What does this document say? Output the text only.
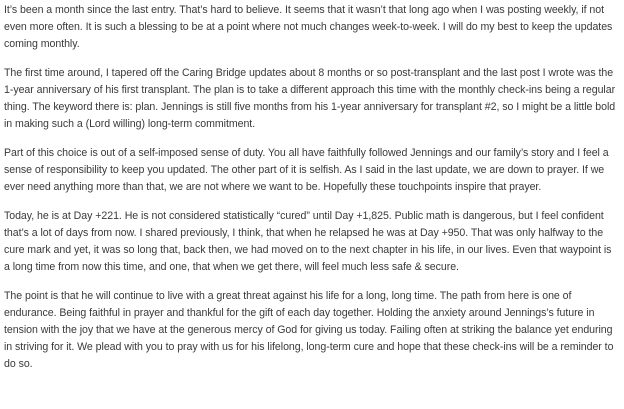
It’s been a month since the last entry. That’s hard to believe. It seems that it wasn’t that long ago when I was posting weekly, if not even more often. It is such a blessing to be at a point where not much changes week-to-week. I will do my best to keep the updates coming monthly.

The first time around, I tapered off the Caring Bridge updates about 8 months or so post-transplant and the last post I wrote was the 1-year anniversary of his first transplant. The plan is to take a different approach this time with the monthly check-ins being a regular thing. The keyword there is: plan. Jennings is still five months from his 1-year anniversary for transplant #2, so I might be a little bold in making such a (Lord willing) long-term commitment.

Part of this choice is out of a self-imposed sense of duty. You all have faithfully followed Jennings and our family’s story and I feel a sense of responsibility to keep you updated. The other part of it is selfish. As I said in the last update, we are down to prayer. If we ever need anything more than that, we are not where we want to be. Hopefully these touchpoints inspire that prayer.

Today, he is at Day +221. He is not considered statistically “cured” until Day +1,825. Public math is dangerous, but I feel confident that’s a lot of days from now. I shared previously, I think, that when he relapsed he was at Day +950. That was only halfway to the cure mark and yet, it was so long that, back then, we had moved on to the next chapter in his life, in our lives. Even that waypoint is a long time from now this time, and one, that when we get there, will feel much less safe & secure.

The point is that he will continue to live with a great threat against his life for a long, long time. The path from here is one of endurance. Being faithful in prayer and thankful for the gift of each day together. Holding the anxiety around Jennings’s future in tension with the joy that we have at the generous mercy of God for giving us today. Failing often at striking the balance yet enduring in striving for it. We plead with you to pray with us for his lifelong, long-term cure and hope that these check-ins will be a reminder to do so.
